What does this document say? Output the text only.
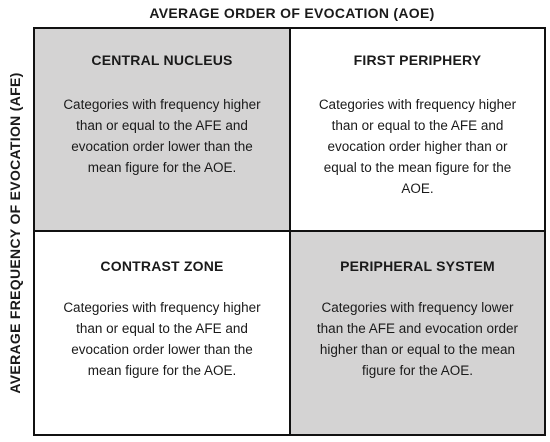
AVERAGE ORDER OF EVOCATION (AOE)
AVERAGE FREQUENCY OF EVOCATION (AFE)
CENTRAL NUCLEUS
Categories with frequency higher
than or equal to the AFE and
evocation order lower than the
mean figure for the AOE.
FIRST PERIPHERY
Categories with frequency higher
than or equal to the AFE and
evocation order higher than or
equal to the mean figure for the
AOE.
CONTRAST ZONE
Categories with frequency higher
than or equal to the AFE and
evocation order lower than the
mean figure for the AOE.
PERIPHERAL SYSTEM
Categories with frequency lower
than the AFE and evocation order
higher than or equal to the mean
figure for the AOE.
